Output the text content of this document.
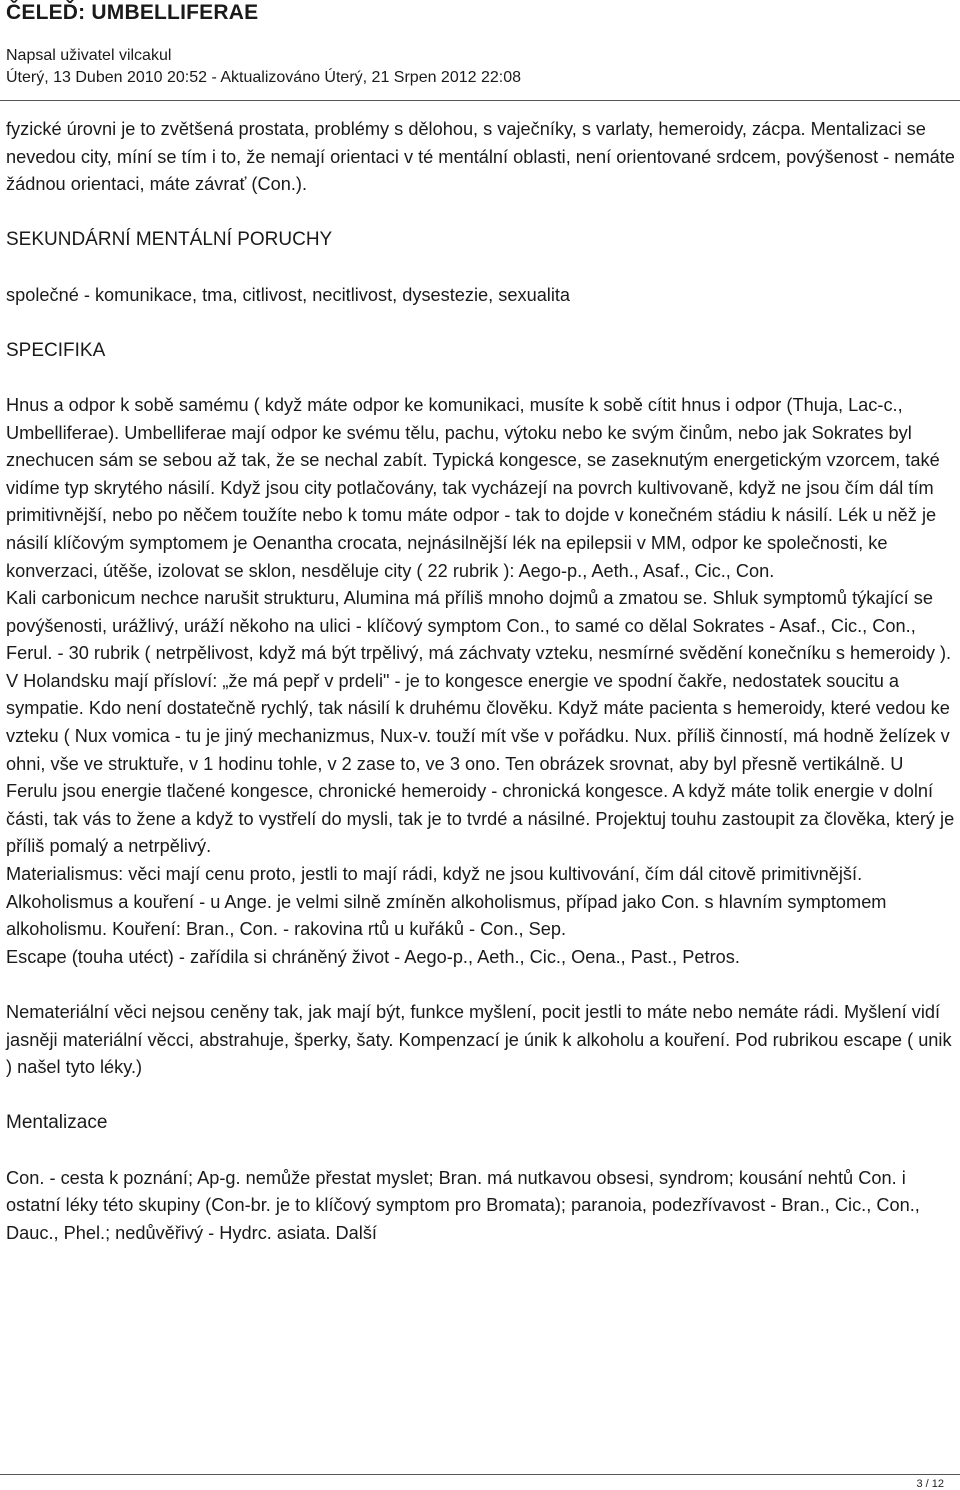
ČELEĎ: UMBELLIFERAE
Napsal uživatel vilcakul
Úterý, 13 Duben 2010 20:52 - Aktualizováno Úterý, 21 Srpen 2012 22:08

fyzické úrovni je to zvětšená prostata, problémy s dělohou, s vaječníky, s varlaty, hemeroidy, zácpa. Mentalizaci se nevedou city, míní se tím i to, že nemají orientaci v té mentální oblasti, není orientované srdcem, povýšenost - nemáte žádnou orientaci, máte závrať (Con.).

SEKUNDÁRNÍ MENTÁLNÍ PORUCHY

společné - komunikace, tma, citlivost, necitlivost, dysestezie, sexualita

SPECIFIKA

Hnus a odpor k sobě samému ( když máte odpor ke komunikaci, musíte k sobě cítit hnus i odpor (Thuja, Lac-c., Umbelliferae). Umbelliferae mají odpor ke svému tělu, pachu, výtoku nebo ke svým činům, nebo jak Sokrates byl znechucen sám se sebou až tak, že se nechal zabít. Typická kongesce, se zaseknutým energetickým vzorcem, také vidíme typ skrytého násilí. Když jsou city potlačovány, tak vycházejí na povrch kultivovaně, když ne jsou čím dál tím primitivnější, nebo po něčem toužíte nebo k tomu máte odpor - tak to dojde v konečném stádiu k násilí. Lék u něž je násilí klíčovým symptomem je Oenantha crocata, nejnásilnější lék na epilepsii v MM, odpor ke společnosti, ke konverzaci, útěše, izolovat se sklon, nesděluje city ( 22 rubrik ): Aego-p., Aeth., Asaf., Cic., Con.

Kali carbonicum nechce narušit strukturu, Alumina má příliš mnoho dojmů a zmatou se. Shluk symptomů týkající se povýšenosti, urážlivý, uráží někoho na ulici - klíčový symptom Con., to samé co dělal Sokrates - Asaf., Cic., Con., Ferul. - 30 rubrik ( netrpělivost, když má být trpělivý, má záchvaty vzteku, nesmírné svědění konečníku s hemeroidy ). V Holandsku mají přísloví: „že má pepř v prdeli" - je to kongesce energie ve spodní čakře, nedostatek soucitu a sympatie. Kdo není dostatečně rychlý, tak násilí k druhému člověku. Když máte pacienta s hemeroidy, které vedou ke vzteku ( Nux vomica - tu je jiný mechanizmus, Nux-v. touží mít vše v pořádku. Nux. příliš činností, má hodně želízek v ohni, vše ve struktuře, v 1 hodinu tohle, v 2 zase to, ve 3 ono. Ten obrázek srovnat, aby byl přesně vertikálně. U Ferulu jsou energie tlačené kongesce, chronické hemeroidy - chronická kongesce. A když máte tolik energie v dolní části, tak vás to žene a když to vystřelí do mysli, tak je to tvrdé a násilné. Projektuj touhu zastoupit za člověka, který je příliš pomalý a netrpělivý.

Materialismus: věci mají cenu proto, jestli to mají rádi, když ne jsou kultivování, čím dál citově primitivnější. Alkoholismus a kouření - u Ange. je velmi silně zmíněn alkoholismus, případ jako Con. s hlavním symptomem alkoholismu. Kouření: Bran., Con. - rakovina rtů u kuřáků - Con., Sep.

Escape (touha utéct) - zařídila si chráněný život - Aego-p., Aeth., Cic., Oena., Past., Petros.

Nemateriální věci nejsou ceněny tak, jak mají být, funkce myšlení, pocit jestli to máte nebo nemáte rádi. Myšlení vidí jasněji materiální věcci, abstrahuje, šperky, šaty. Kompenzací je únik k alkoholu a kouření. Pod rubrikou escape ( unik ) našel tyto léky.)

Mentalizace

Con. - cesta k poznání; Ap-g. nemůže přestat myslet; Bran. má nutkavou obsesi, syndrom; kousání nehtů Con. i ostatní léky této skupiny (Con-br. je to klíčový symptom pro Bromata); paranoia, podezřívavost - Bran., Cic., Con., Dauc., Phel.; nedůvěřivý - Hydrc. asiata. Další

3 / 12
